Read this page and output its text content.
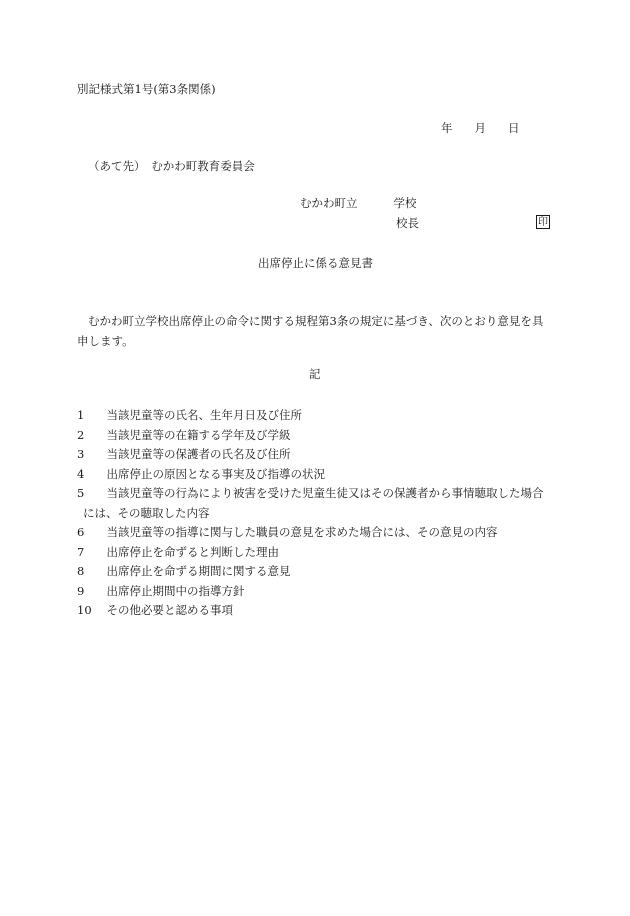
別記様式第1号(第3条関係)
年 月 日
（あて先）　むかわ町教育委員会
むかわ町立	学校
校長	印
出席停止に係る意見書
むかわ町立学校出席停止の命令に関する規程第3条の規定に基づき、次のとおり意見を具申します。
記
1　 当該児童等の氏名、生年月日及び住所
2　 当該児童等の在籍する学年及び学級
3　 当該児童等の保護者の氏名及び住所
4　 出席停止の原因となる事実及び指導の状況
5　 当該児童等の行為により被害を受けた児童生徒又はその保護者から事情聴取した場合
には、その聴取した内容
6　 当該児童等の指導に関与した職員の意見を求めた場合には、その意見の内容
7　 出席停止を命ずると判断した理由
8　 出席停止を命ずる期間に関する意見
9　 出席停止期間中の指導方針
10　 その他必要と認める事項
